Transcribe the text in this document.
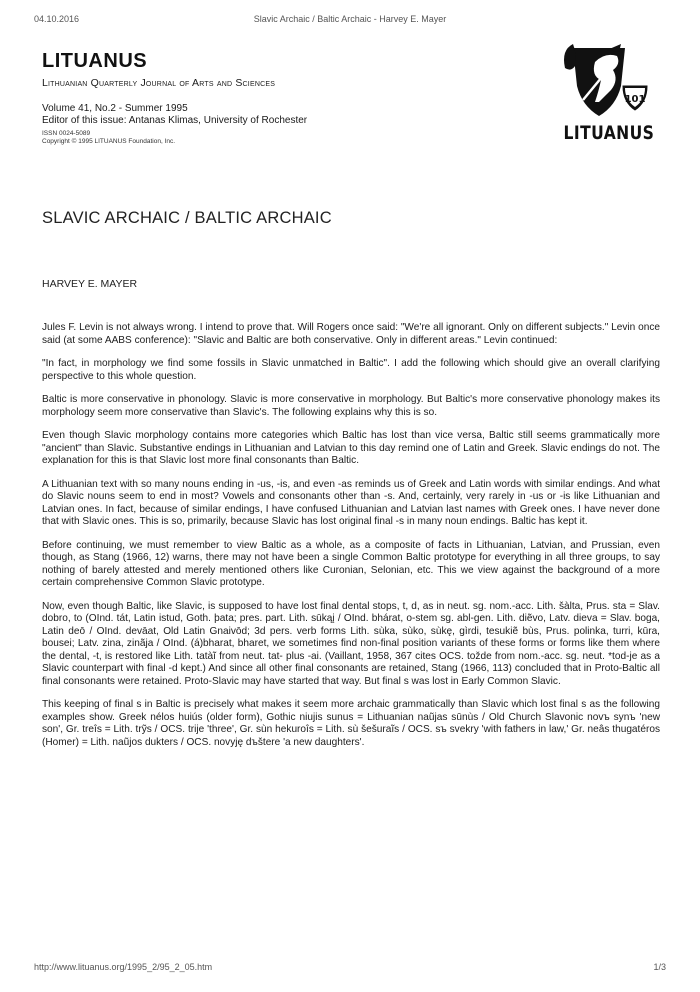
04.10.2016	Slavic Archaic / Baltic Archaic - Harvey E. Mayer
LITUANUS
Lithuanian Quarterly Journal of Arts and Sciences
Volume 41, No.2 - Summer 1995
Editor of this issue: Antanas Klimas, University of Rochester
ISSN 0024-5089
Copyright © 1995 LITUANUS Foundation, Inc.
101
LITUANUS
SLAVIC ARCHAIC / BALTIC ARCHAIC
HARVEY E. MAYER

Jules F. Levin is not always wrong. I intend to prove that. Will Rogers once said: "We're all ignorant. Only on different subjects." Levin once said (at some AABS conference): "Slavic and Baltic are both conservative. Only in different areas." Levin continued:

"In fact, in morphology we find some fossils in Slavic unmatched in Baltic". I add the following which should give an overall clarifying perspective to this whole question.

Baltic is more conservative in phonology. Slavic is more conservative in morphology. But Baltic's more conservative phonology makes its morphology seem more conservative than Slavic's. The following explains why this is so.

Even though Slavic morphology contains more categories which Baltic has lost than vice versa, Baltic still seems grammatically more "ancient" than Slavic. Substantive endings in Lithuanian and Latvian to this day remind one of Latin and Greek. Slavic endings do not. The explanation for this is that Slavic lost more final consonants than Baltic.

A Lithuanian text with so many nouns ending in -us, -is, and even -as reminds us of Greek and Latin words with similar endings. And what do Slavic nouns seem to end in most? Vowels and consonants other than -s. And, certainly, very rarely in -us or -is like Lithuanian and Latvian ones. In fact, because of similar endings, I have confused Lithuanian and Latvian last names with Greek ones. I have never done that with Slavic ones. This is so, primarily, because Slavic has lost original final -s in many noun endings. Baltic has kept it.

Before continuing, we must remember to view Baltic as a whole, as a composite of facts in Lithuanian, Latvian, and Prussian, even though, as Stang (1966, 12) warns, there may not have been a single Common Baltic prototype for everything in all three groups, to say nothing of barely attested and merely mentioned others like Curonian, Selonian, etc. This we view against the background of a more certain comprehensive Common Slavic prototype.

Now, even though Baltic, like Slavic, is supposed to have lost final dental stops, t, d, as in neut. sg. nom.-acc. Lith. šàlta, Prus. sta = Slav. dobro, to (OInd. tát, Latin istud, Goth. þata; pres. part. Lith. sūkąį / OInd. bhárat, o-stem sg. abl-gen. Lith. diẽvo, Latv. dieva = Slav. boga, Latin deō / OInd. devāat, Old Latin Gnaivōd; 3d pers. verb forms Lith. sùka, sùko, sùkę, gìrdi, tesukiẽ bùs, Prus. polinka, turri, kūra, bousei; Latv. zina, zinãja / OInd. (á)bharat, bharet, we sometimes find non-final position variants of these forms or forms like them where the dental, -t, is restored like Lith. tatàĩ from neut. tat- plus -ai. (Vaillant, 1958, 367 cites OCS. tožde from nom.-acc. sg. neut. *tod-je as a Slavic counterpart with final -d kept.) And since all other final consonants are retained, Stang (1966, 113) concluded that in Proto-Baltic all final consonants were retained. Proto-Slavic may have started that way. But final s was lost in Early Common Slavic.

This keeping of final s in Baltic is precisely what makes it seem more archaic grammatically than Slavic which lost final s as the following examples show. Greek nélos huiús (older form), Gothic niujis sunus = Lithuanian naũjas sūnùs / Old Church Slavonic novъ synъ 'new son', Gr. treîs = Lith. trỹs / OCS. trije 'three', Gr. sùn hekuroîs = Lith. sù šešuraĩs / OCS. sъ svekry 'with fathers in law,' Gr. neâs thugatéros (Homer) = Lith. naũjos dukters / OCS. novyję dъštere 'a new daughters'.

http://www.lituanus.org/1995_2/95_2_05.htm	1/3
